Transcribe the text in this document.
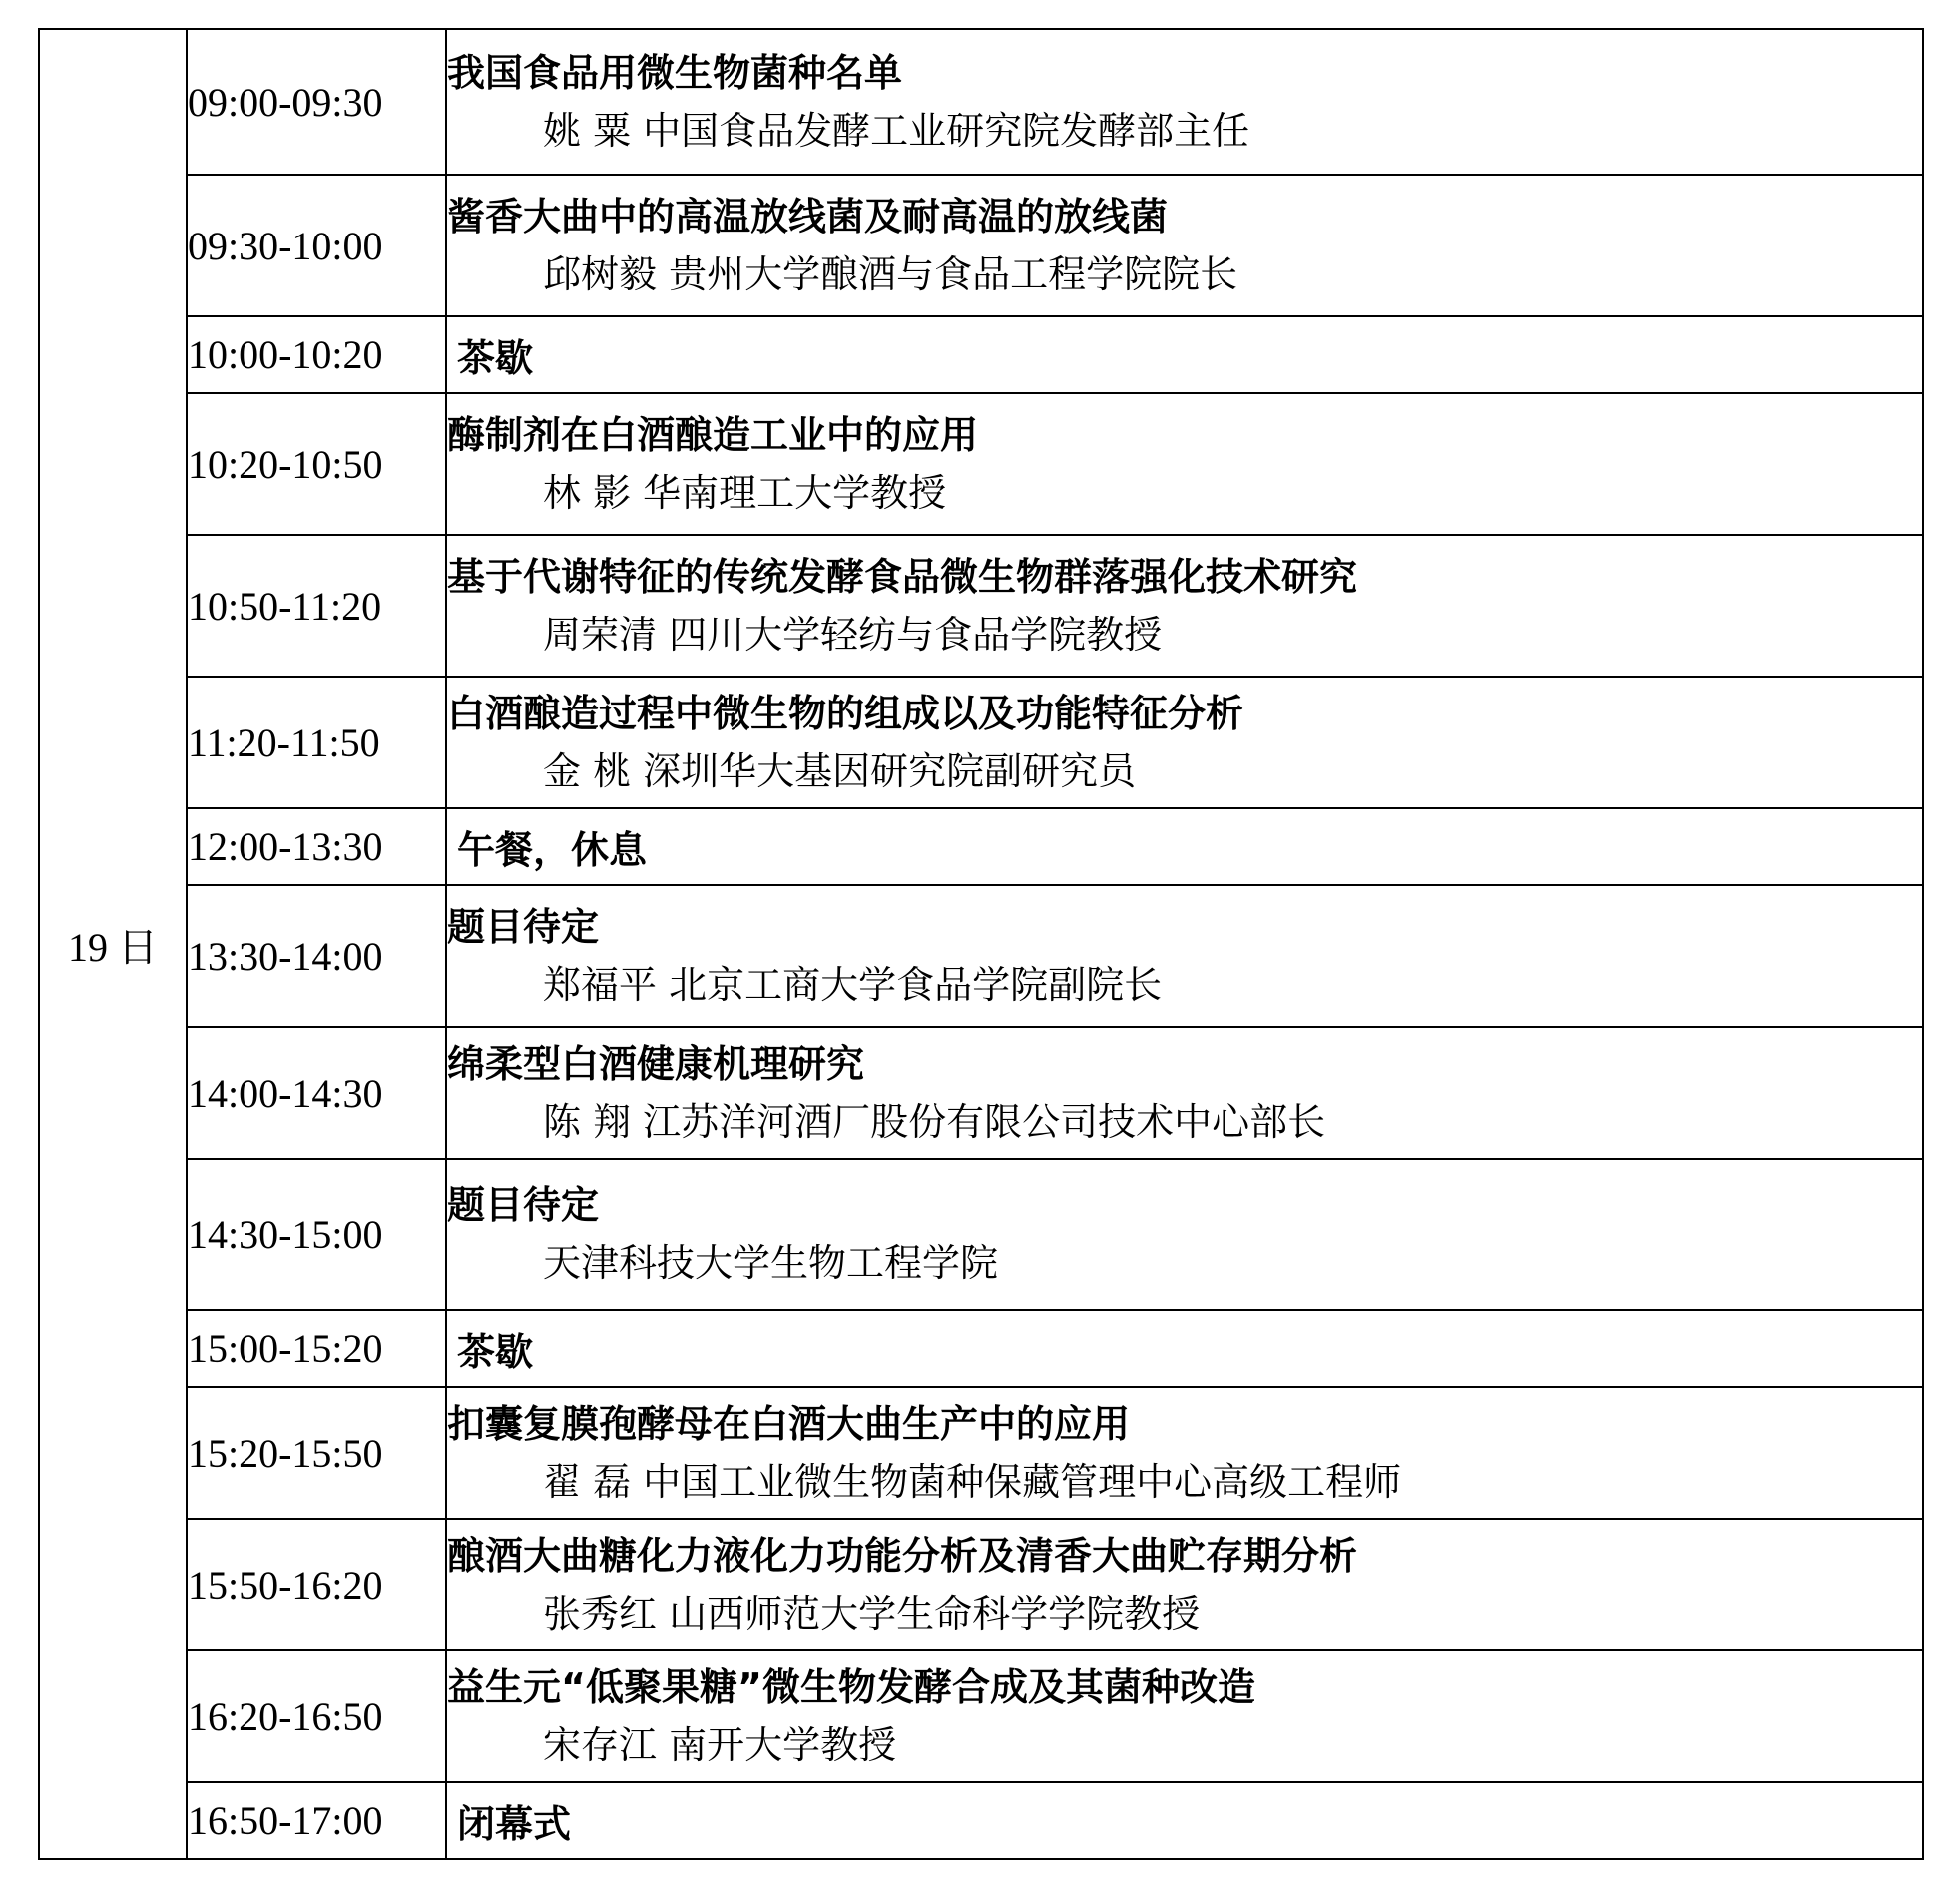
19 日	09:00-09:30	我国食品用微生物菌种名单
姚 粟 中国食品发酵工业研究院发酵部主任

	09:30-10:00	酱香大曲中的高温放线菌及耐高温的放线菌
邱树毅 贵州大学酿酒与食品工程学院院长

	10:00-10:20	茶歇

	10:20-10:50	酶制剂在白酒酿造工业中的应用
林 影 华南理工大学教授

	10:50-11:20	基于代谢特征的传统发酵食品微生物群落强化技术研究
周荣清 四川大学轻纺与食品学院教授

	11:20-11:50	白酒酿造过程中微生物的组成以及功能特征分析
金 桃 深圳华大基因研究院副研究员

	12:00-13:30	午餐，休息

	13:30-14:00	题目待定
郑福平 北京工商大学食品学院副院长

	14:00-14:30	绵柔型白酒健康机理研究
陈 翔 江苏洋河酒厂股份有限公司技术中心部长

	14:30-15:00	题目待定
天津科技大学生物工程学院

	15:00-15:20	茶歇

	15:20-15:50	扣囊复膜孢酵母在白酒大曲生产中的应用
翟 磊 中国工业微生物菌种保藏管理中心高级工程师

	15:50-16:20	酿酒大曲糖化力液化力功能分析及清香大曲贮存期分析
张秀红 山西师范大学生命科学学院教授

	16:20-16:50	益生元“低聚果糖”微生物发酵合成及其菌种改造
宋存江 南开大学教授

	16:50-17:00	闭幕式
